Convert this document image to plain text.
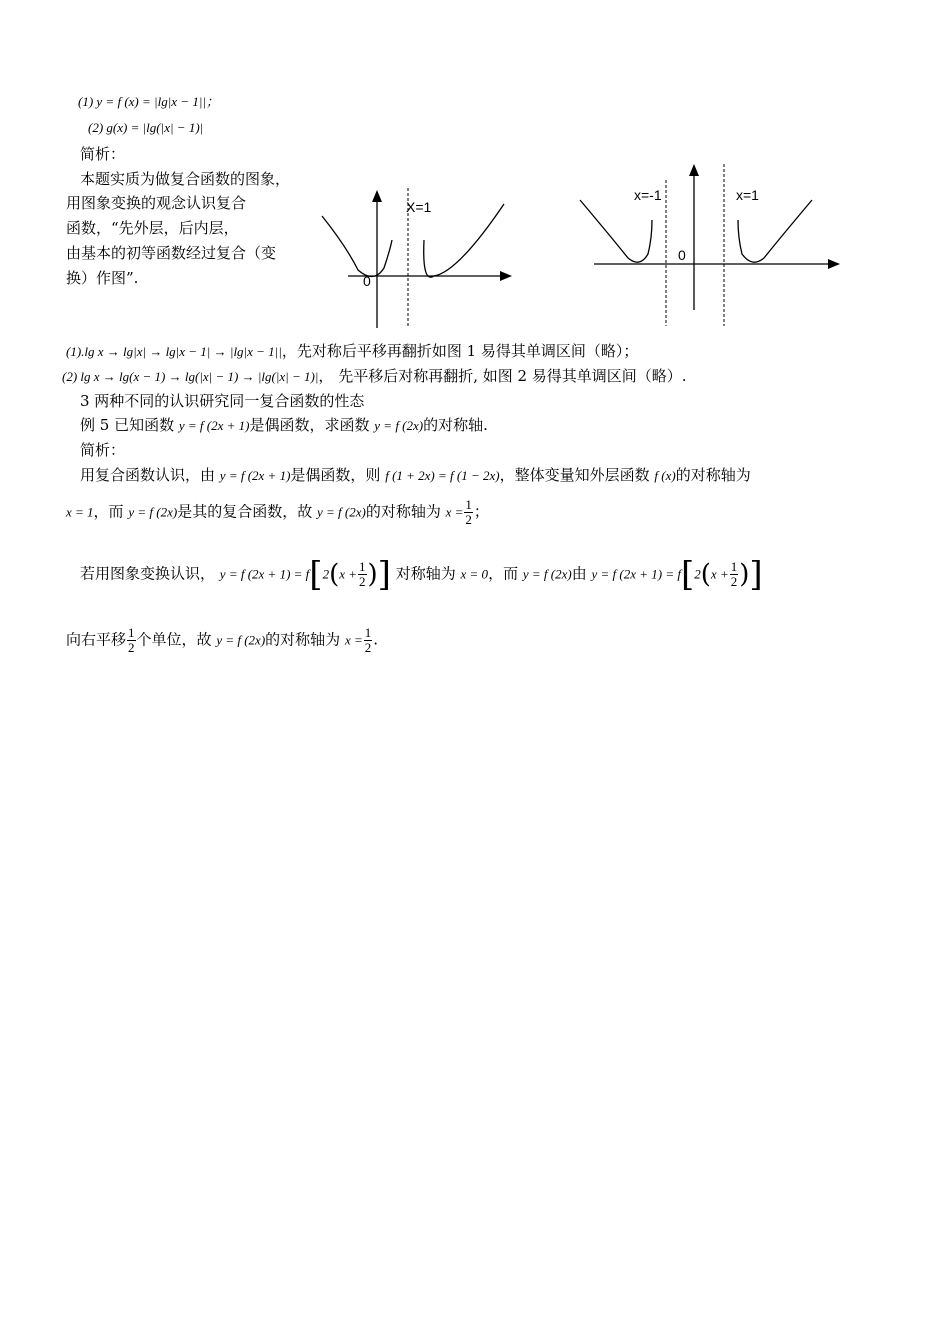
(1) y = f (x) = |lg|x − 1||；
(2) g(x) = |lg(|x| − 1)|
简析：
本题实质为做复合函数的图象，
用图象变换的观念认识复合
函数，“先外层，后内层，
由基本的初等函数经过复合（变
换）作图”.
X=1
0
x=-1	x=1
0
(1).lg x → lg|x| → lg|x − 1| → |lg|x − 1||，先对称后平移再翻折如图 1 易得其单调区间（略）；
(2) lg x → lg(x − 1) → lg(|x| − 1) → |lg(|x| − 1)|， 先平移后对称再翻折, 如图 2 易得其单调区间（略）.
3 两种不同的认识研究同一复合函数的性态
例 5 已知函数 y = f (2x + 1)是偶函数，求函数 y = f (2x)的对称轴.
简析：
用复合函数认识，由 y = f (2x + 1)是偶函数，则 f (1 + 2x) = f (1 − 2x)，整体变量知外层函数 f (x)的对称轴为
x = 1，而 y = f (2x)是其的复合函数，故 y = f (2x)的对称轴为 $x = \frac{1}{2}$ ；
若用图象变换认识， y = f $(2x + 1) = f[2(x + \frac{1}{2}$ )] 对称轴为 x = 0，而 y = f (2x)由 y = f $(2x + 1) = f[2(x + \frac{1}{2}$ )]
向右平移 $\frac{1}{2}$ 个单位，故 y = f (2x)的对称轴为 $x = \frac{1}{2}$ .
